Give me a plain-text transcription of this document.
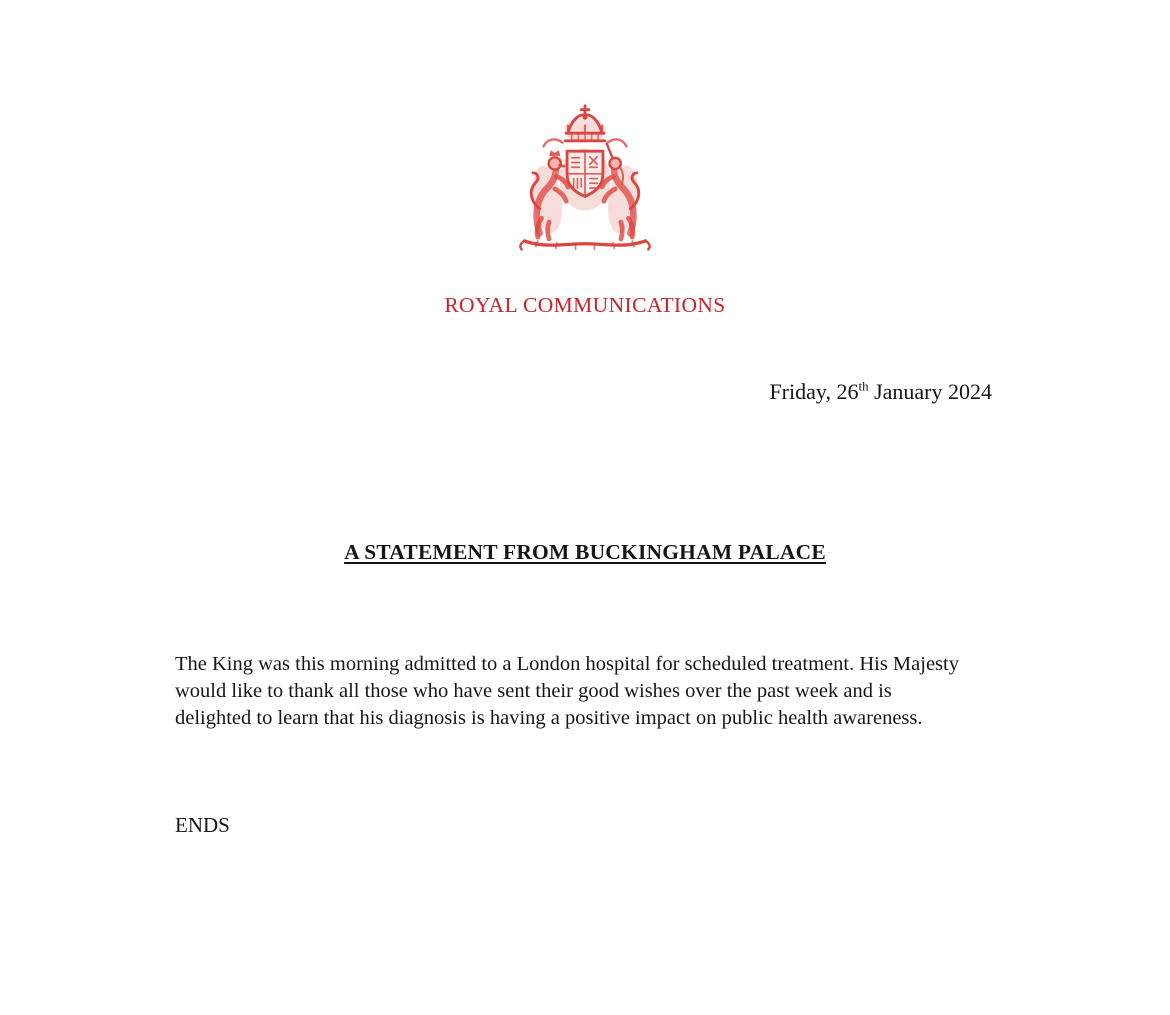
ROYAL COMMUNICATIONS
Friday, 26th January 2024
A STATEMENT FROM BUCKINGHAM PALACE

The King was this morning admitted to a London hospital for scheduled treatment. His Majesty would like to thank all those who have sent their good wishes over the past week and is delighted to learn that his diagnosis is having a positive impact on public health awareness.

ENDS
